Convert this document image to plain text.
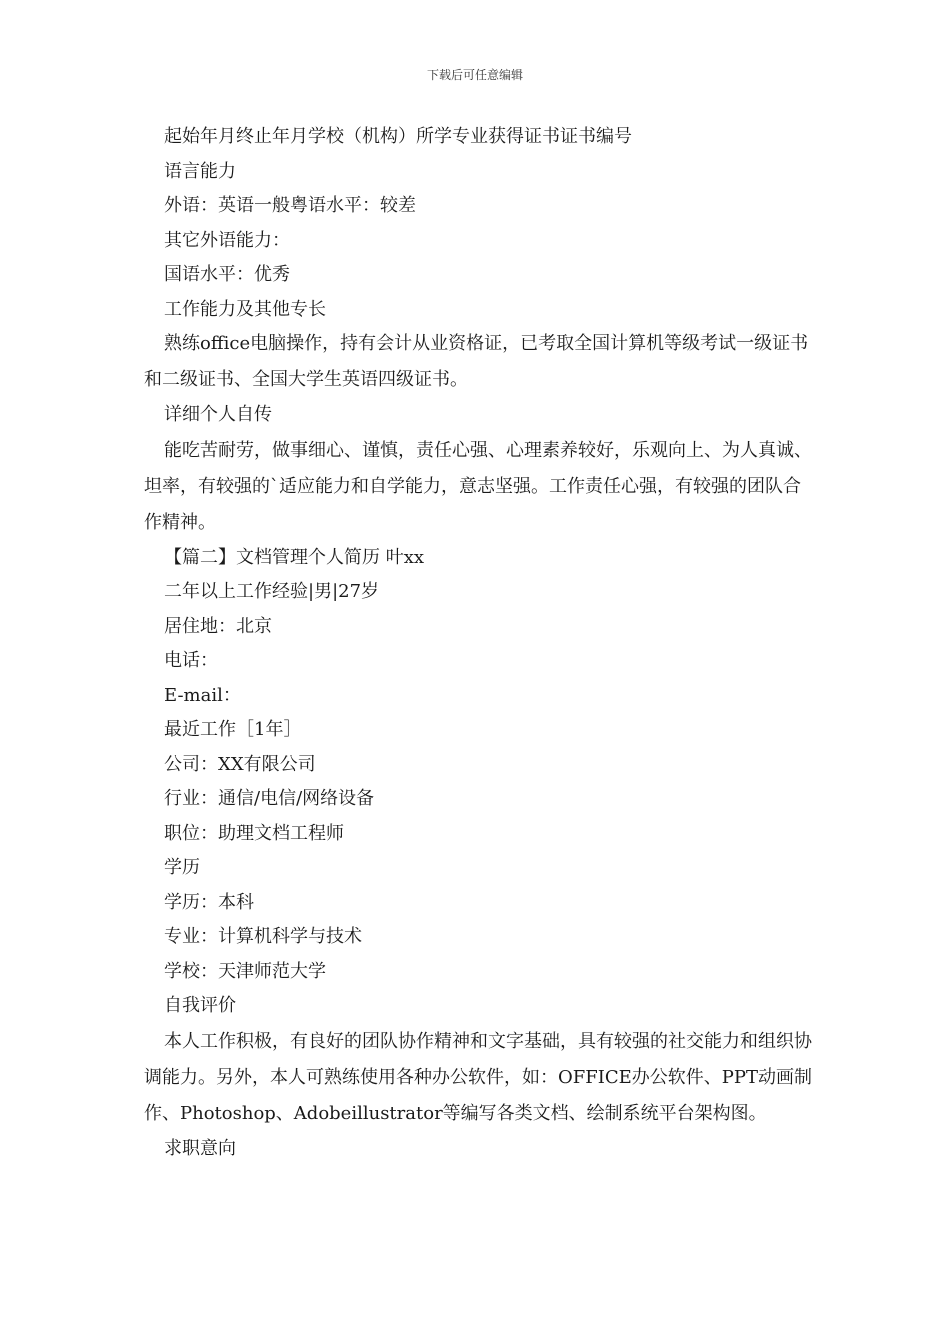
下载后可任意编辑
起始年月终止年月学校（机构）所学专业获得证书证书编号
语言能力
外语：英语一般粤语水平：较差
其它外语能力：
国语水平：优秀
工作能力及其他专长

熟练office电脑操作，持有会计从业资格证，已考取全国计算机等级考试一级证书和二级证书、全国大学生英语四级证书。

详细个人自传

能吃苦耐劳，做事细心、谨慎，责任心强、心理素养较好，乐观向上、为人真诚、坦率，有较强的`适应能力和自学能力，意志坚强。工作责任心强，有较强的团队合作精神。

【篇二】文档管理个人简历 叶xx
二年以上工作经验|男|27岁
居住地：北京
电话：
E-mail：
最近工作［1年］
公司：XX有限公司
行业：通信/电信/网络设备
职位：助理文档工程师
学历
学历：本科
专业：计算机科学与技术
学校：天津师范大学
自我评价

本人工作积极，有良好的团队协作精神和文字基础，具有较强的社交能力和组织协调能力。另外，本人可熟练使用各种办公软件，如：OFFICE办公软件、PPT动画制作、Photoshop、Adobeillustrator等编写各类文档、绘制系统平台架构图。

求职意向
